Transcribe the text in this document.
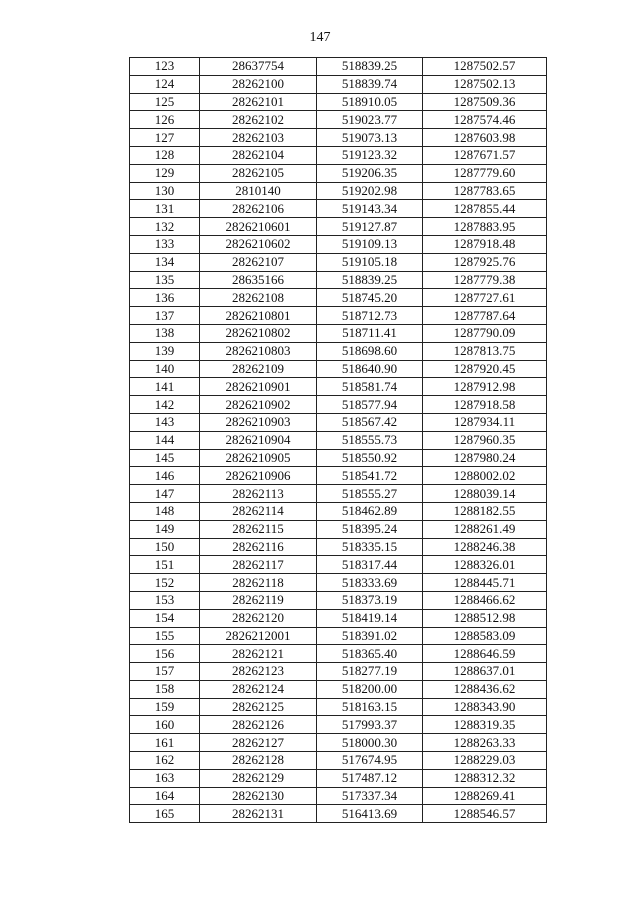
147
123	28637754	518839.25	1287502.57
124	28262100	518839.74	1287502.13
125	28262101	518910.05	1287509.36
126	28262102	519023.77	1287574.46
127	28262103	519073.13	1287603.98
128	28262104	519123.32	1287671.57
129	28262105	519206.35	1287779.60
130	2810140	519202.98	1287783.65
131	28262106	519143.34	1287855.44
132	2826210601	519127.87	1287883.95
133	2826210602	519109.13	1287918.48
134	28262107	519105.18	1287925.76
135	28635166	518839.25	1287779.38
136	28262108	518745.20	1287727.61
137	2826210801	518712.73	1287787.64
138	2826210802	518711.41	1287790.09
139	2826210803	518698.60	1287813.75
140	28262109	518640.90	1287920.45
141	2826210901	518581.74	1287912.98
142	2826210902	518577.94	1287918.58
143	2826210903	518567.42	1287934.11
144	2826210904	518555.73	1287960.35
145	2826210905	518550.92	1287980.24
146	2826210906	518541.72	1288002.02
147	28262113	518555.27	1288039.14
148	28262114	518462.89	1288182.55
149	28262115	518395.24	1288261.49
150	28262116	518335.15	1288246.38
151	28262117	518317.44	1288326.01
152	28262118	518333.69	1288445.71
153	28262119	518373.19	1288466.62
154	28262120	518419.14	1288512.98
155	2826212001	518391.02	1288583.09
156	28262121	518365.40	1288646.59
157	28262123	518277.19	1288637.01
158	28262124	518200.00	1288436.62
159	28262125	518163.15	1288343.90
160	28262126	517993.37	1288319.35
161	28262127	518000.30	1288263.33
162	28262128	517674.95	1288229.03
163	28262129	517487.12	1288312.32
164	28262130	517337.34	1288269.41
165	28262131	516413.69	1288546.57
